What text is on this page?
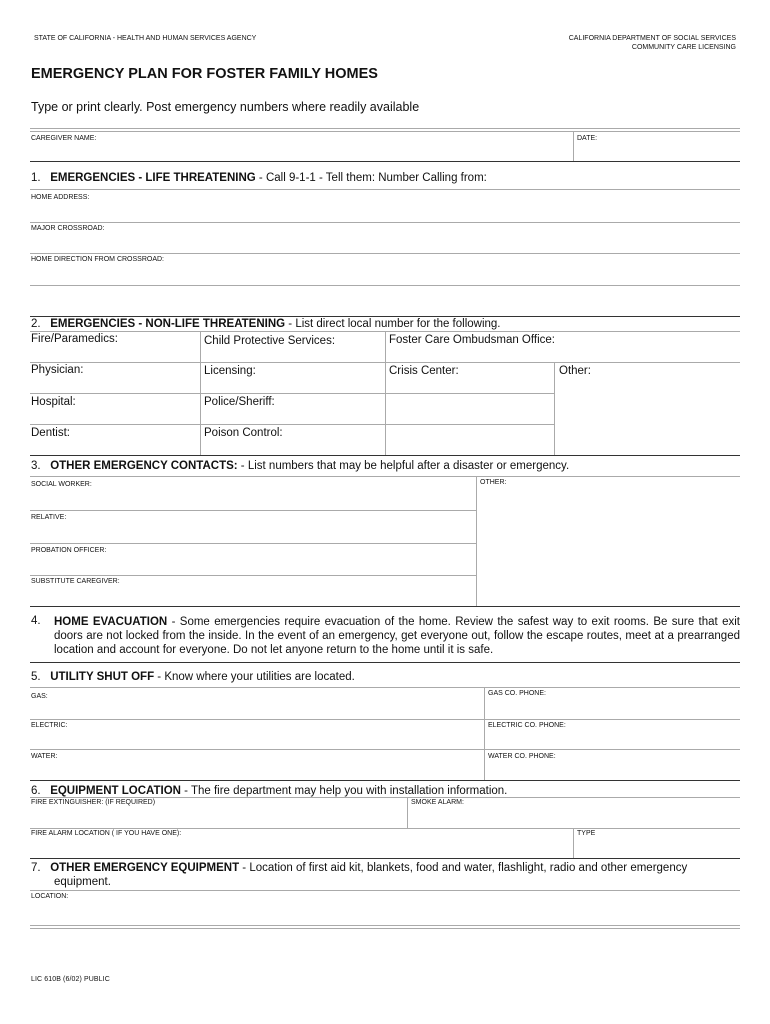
STATE OF CALIFORNIA - HEALTH AND HUMAN SERVICES AGENCY	CALIFORNIA DEPARTMENT OF SOCIAL SERVICES
COMMUNITY CARE LICENSING
EMERGENCY PLAN FOR FOSTER FAMILY HOMES
Type or print clearly. Post emergency numbers where readily available
CAREGIVER NAME:	DATE:
1. EMERGENCIES - LIFE THREATENING - Call 9-1-1 - Tell them: Number Calling from:
HOME ADDRESS:
MAJOR CROSSROAD:
HOME DIRECTION FROM CROSSROAD:
2. EMERGENCIES - NON-LIFE THREATENING - List direct local number for the following.
Fire/Paramedics:	Child Protective Services:	Foster Care Ombudsman Office:
Physician:	Licensing:	Crisis Center:	Other:
Hospital:	Police/Sheriff:
Dentist:	Poison Control:
3. OTHER EMERGENCY CONTACTS: - List numbers that may be helpful after a disaster or emergency.
SOCIAL WORKER:	OTHER:
RELATIVE:
PROBATION OFFICER:
SUBSTITUTE CAREGIVER:
4. HOME EVACUATION - Some emergencies require evacuation of the home. Review the safest way to exit rooms. Be sure that exit doors are not locked from the inside. In the event of an emergency, get everyone out, follow the escape routes, meet at a prearranged location and account for everyone. Do not let anyone return to the home until it is safe.
5. UTILITY SHUT OFF - Know where your utilities are located.
GAS:	GAS CO. PHONE:
ELECTRIC:	ELECTRIC CO. PHONE:
WATER:	WATER CO. PHONE:
6. EQUIPMENT LOCATION - The fire department may help you with installation information.
FIRE EXTINGUISHER: (IF REQUIRED)	SMOKE ALARM:
FIRE ALARM LOCATION ( IF YOU HAVE ONE):	TYPE
7. OTHER EMERGENCY EQUIPMENT - Location of first aid kit, blankets, food and water, flashlight, radio and other emergency
equipment.
LOCATION:
LIC 610B (6/02) PUBLIC
